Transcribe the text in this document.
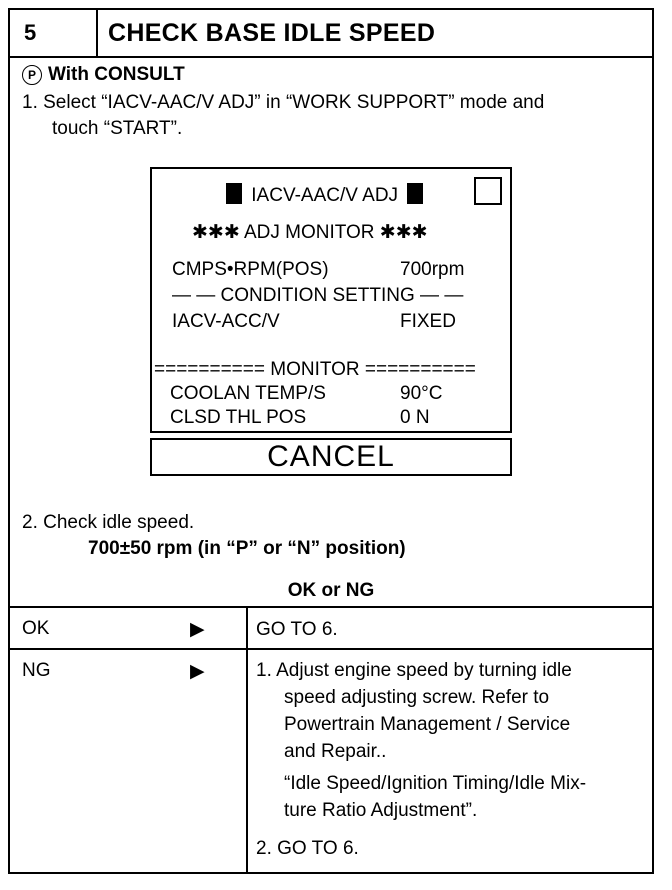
5	CHECK BASE IDLE SPEED
P With CONSULT
1. Select “IACV-AAC/V ADJ” in “WORK SUPPORT” mode and
touch “START”.
IACV-AAC/V ADJ
✱✱✱ ADJ MONITOR ✱✱✱
CMPS•RPM(POS)	700rpm
— — CONDITION SETTING — —
IACV-ACC/V	FIXED
========== MONITOR ==========
COOLAN TEMP/S	90°C
CLSD THL POS	0 N
CANCEL
2. Check idle speed.
700±50 rpm (in “P” or “N” position)
OK or NG
OK	▶	GO TO 6.
NG	▶	1. Adjust engine speed by turning idle
speed adjusting screw. Refer to
Powertrain Management / Service
and Repair..
“Idle Speed/Ignition Timing/Idle Mix-
ture Ratio Adjustment”.
2. GO TO 6.
